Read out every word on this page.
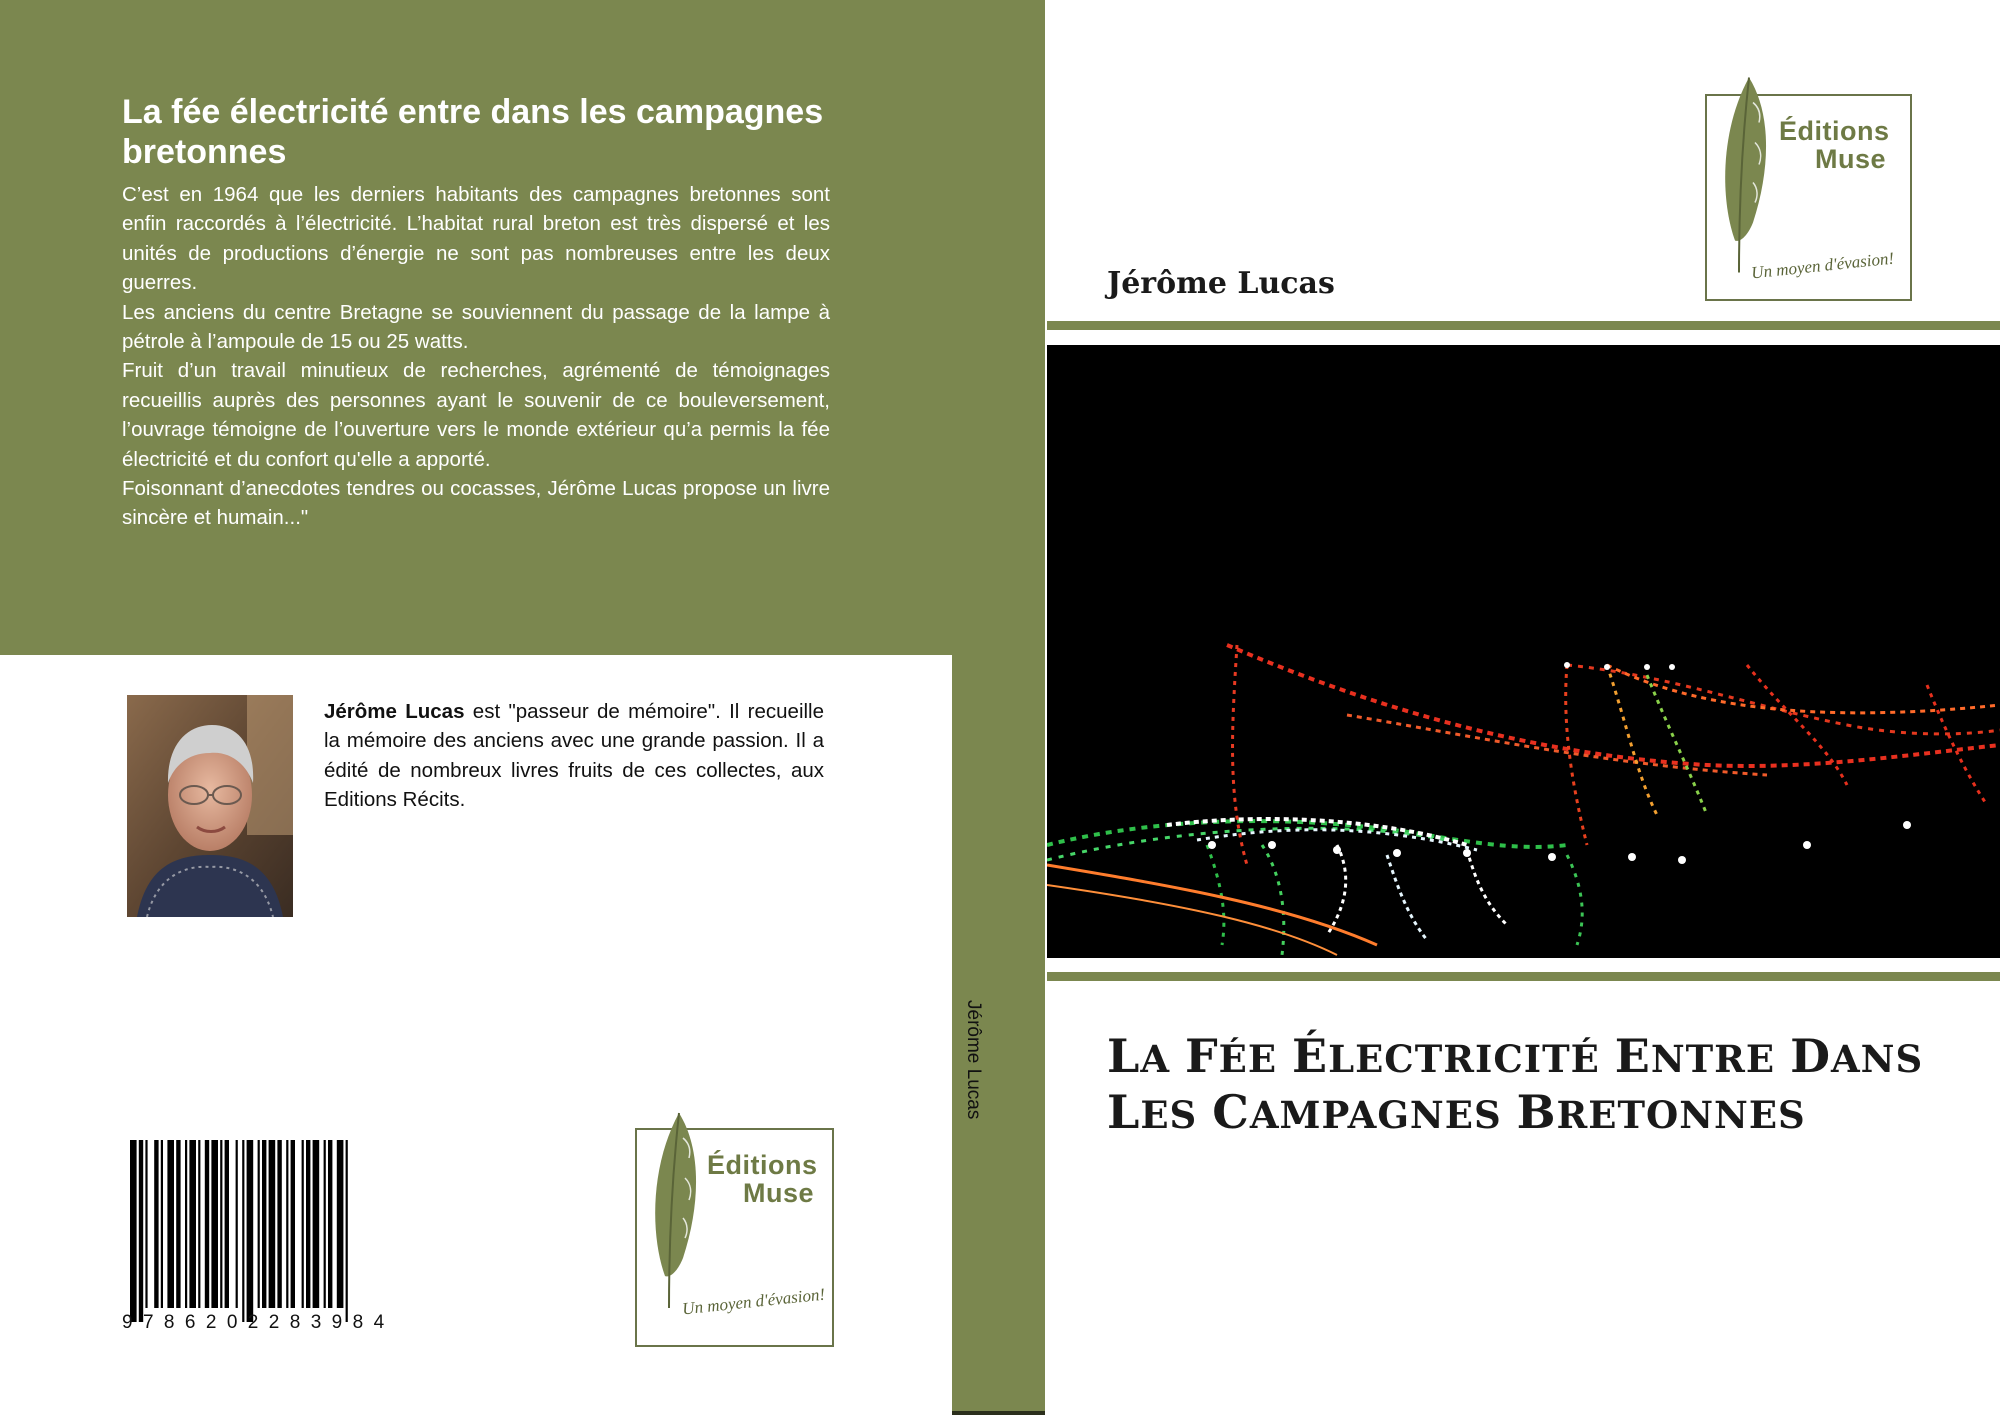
La fée électricité entre dans les campagnes bretonnes

C’est en 1964 que les derniers habitants des campagnes bretonnes sont enfin raccordés à l’électricité. L’habitat rural breton est très dispersé et les unités de productions d’énergie ne sont pas nombreuses entre les deux guerres.

Les anciens du centre Bretagne se souviennent du passage de la lampe à pétrole à l’ampoule de 15 ou 25 watts.

Fruit d’un travail minutieux de recherches, agrémenté de témoignages recueillis auprès des personnes ayant le souvenir de ce bouleversement, l’ouvrage témoigne de l’ouverture vers le monde extérieur qu’a permis la fée électricité et du confort qu'elle a apporté.

Foisonnant d’anecdotes tendres ou cocasses, Jérôme Lucas propose un livre sincère et humain..."

Jérôme Lucas est "passeur de mémoire". Il recueille la mémoire des anciens avec une grande passion. Il a édité de nombreux livres fruits de ces collectes, aux Editions Récits.
9786202283984
Éditions
Muse
Un moyen d'évasion!
Éditions
Muse
Un moyen d'évasion!
Jérôme Lucas
LA FÉE ÉLECTRICITÉ ENTRE DANS LES CAMPAGNES BRETONNES
